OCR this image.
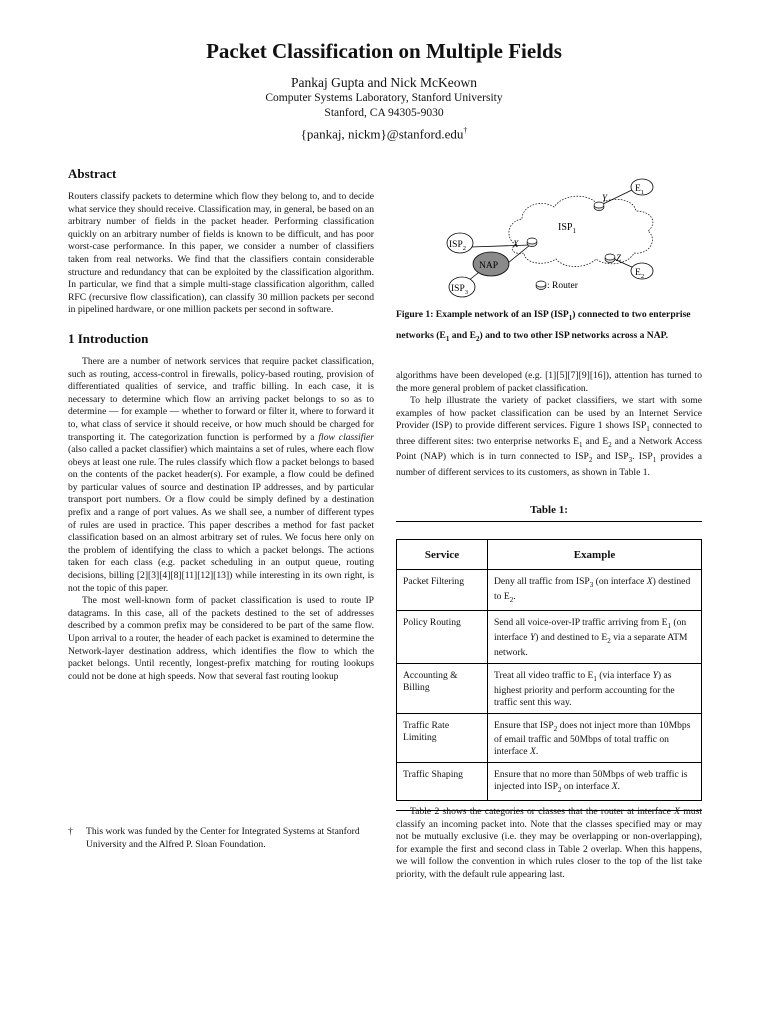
Packet Classification on Multiple Fields
Pankaj Gupta and Nick McKeown
Computer Systems Laboratory, Stanford University
Stanford, CA 94305-9030
{pankaj, nickm}@stanford.edu†
Abstract

Routers classify packets to determine which flow they belong to, and to decide what service they should receive. Classification may, in general, be based on an arbitrary number of fields in the packet header. Performing classification quickly on an arbitrary number of fields is known to be difficult, and has poor worst-case performance. In this paper, we consider a number of classifiers taken from real networks. We find that the classifiers contain considerable structure and redundancy that can be exploited by the classification algorithm. In particular, we find that a simple multi-stage classification algorithm, called RFC (recursive flow classification), can classify 30 million packets per second in pipelined hardware, or one million packets per second in software.

1 Introduction

There are a number of network services that require packet classification, such as routing, access-control in firewalls, policy-based routing, provision of differentiated qualities of service, and traffic billing. In each case, it is necessary to determine which flow an arriving packet belongs to so as to determine — for example — whether to forward or filter it, where to forward it to, what class of service it should receive, or how much should be charged for transporting it. The categorization function is performed by a flow classifier (also called a packet classifier) which maintains a set of rules, where each flow obeys at least one rule. The rules classify which flow a packet belongs to based on the contents of the packet header(s). For example, a flow could be defined by particular values of source and destination IP addresses, and by particular transport port numbers. Or a flow could be simply defined by a destination prefix and a range of port values. As we shall see, a number of different types of rules are used in practice. This paper describes a method for fast packet classification based on an almost arbitrary set of rules. We focus here only on the problem of identifying the class to which a packet belongs. The actions taken for each class (e.g. packet scheduling in an output queue, routing decisions, billing [2][3][4][8][11][12][13]) while interesting in its own right, is not the topic of this paper.

The most well-known form of packet classification is used to route IP datagrams. In this case, all of the packets destined to the set of addresses described by a common prefix may be considered to be part of the same flow. Upon arrival to a router, the header of each packet is examined to determine the Network-layer destination address, which identifies the flow to which the packet belongs. Until recently, longest-prefix matching for routing lookups could not be done at high speeds. Now that several fast routing lookup

† This work was funded by the Center for Integrated Systems at Stanford University and the Alfred P. Sloan Foundation.
$ISP_1$
$ISP_2$
$ISP_3$
NAP
X
Y
Z
$E_1$
$E_2$
: Router
Figure 1: Example network of an ISP $(ISP_1)$ connected to two enterprise networks ($E_1$ and $E_2$) and to two other ISP networks across a NAP.

algorithms have been developed (e.g. [1][5][7][9][16]), attention has turned to the more general problem of packet classification.

To help illustrate the variety of packet classifiers, we start with some examples of how packet classification can be used by an Internet Service Provider (ISP) to provide different services. Figure 1 shows $ISP_1$ connected to three different sites: two enterprise networks $E_1$ and $E_2$ and a Network Access Point (NAP) which is in turn connected to $ISP_2$ and $ISP_3$. $ISP_1$ provides a number of different services to its customers, as shown in Table 1.

Table 1:
Service	Example
Packet Filtering	Deny all traffic from $ISP_3$ (on interface X) destined to $E_2$.
Policy Routing	Send all voice-over-IP traffic arriving from $E_1$ (on interface Y) and destined to $E_2$ via a separate ATM network.
Accounting & Billing	Treat all video traffic to $E_1$ (via interface Y) as highest priority and perform accounting for the traffic sent this way.
Traffic Rate Limiting	Ensure that $ISP_2$ does not inject more than 10Mbps of email traffic and 50Mbps of total traffic on interface X.
Traffic Shaping	Ensure that no more than 50Mbps of web traffic is injected into $ISP_2$ on interface X.

Table 2 shows the categories or classes that the router at interface X must classify an incoming packet into. Note that the classes specified may or may not be mutually exclusive (i.e. they may be overlapping or non-overlapping), for example the first and second class in Table 2 overlap. When this happens, we will follow the convention in which rules closer to the top of the list take priority, with the default rule appearing last.
